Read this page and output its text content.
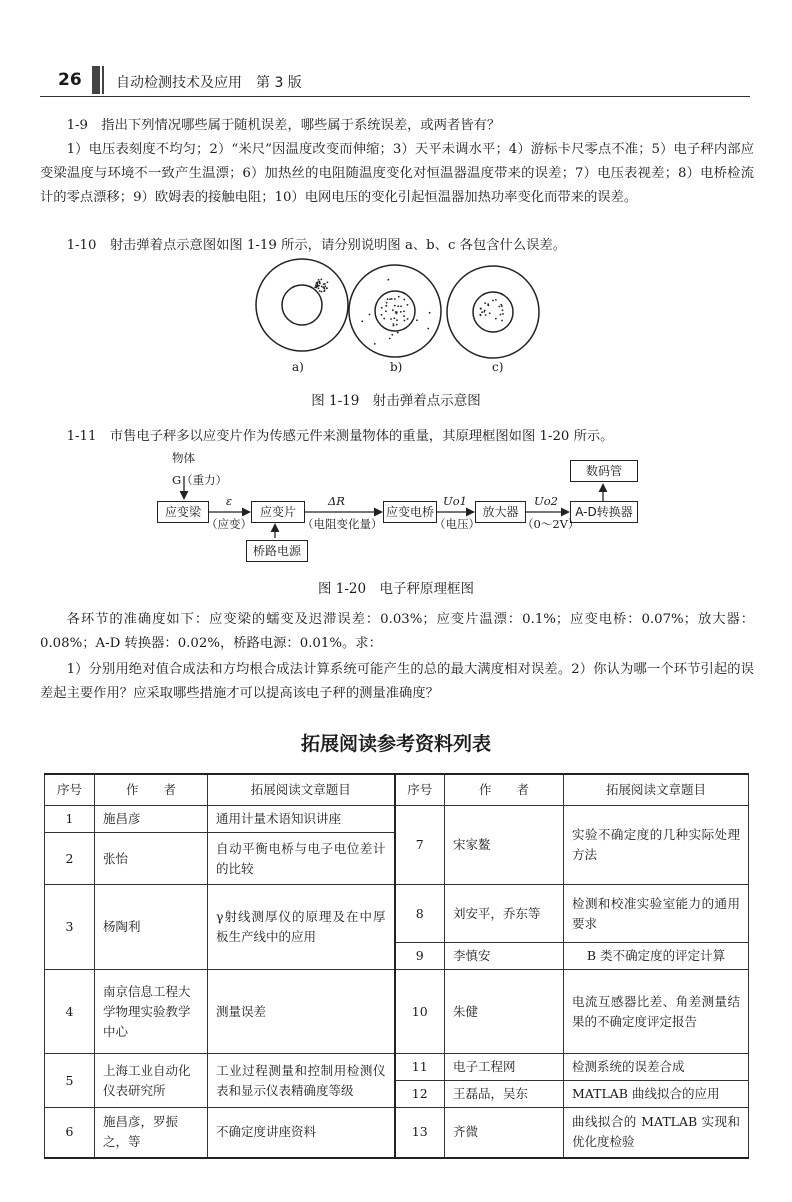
26 自动检测技术及应用　第 3 版
1-9　指出下列情况哪些属于随机误差，哪些属于系统误差，或两者皆有？
1）电压表刻度不均匀；2）“米尺”因温度改变而伸缩；3）天平未调水平；4）游标卡尺零点不准；5）电子秤内部应变梁温度与环境不一致产生温漂；6）加热丝的电阻随温度变化对恒温器温度带来的误差；7）电压表视差；8）电桥检流计的零点漂移；9）欧姆表的接触电阻；10）电网电压的变化引起恒温器加热功率变化而带来的误差。
1-10　射击弹着点示意图如图 1-19 所示，请分别说明图 a、b、c 各包含什么误差。
a)	b)	c)
图 1-19　射击弹着点示意图
1-11　市售电子秤多以应变片作为传感元件来测量物体的重量，其原理框图如图 1-20 所示。
物体
G（重力）
应变梁	应变片	应变电桥	放大器	A-D转换器
数码管
桥路电源
ε
（应变）
ΔR
（电阻变化量）
Uo1
（电压）
Uo2
（0～2V）
图 1-20　电子秤原理框图
各环节的准确度如下：应变梁的蠕变及迟滞误差：0.03%；应变片温漂：0.1%；应变电桥：0.07%；放大器：0.08%；A-D 转换器：0.02%，桥路电源：0.01%。求：
1）分别用绝对值合成法和方均根合成法计算系统可能产生的总的最大满度相对误差。2）你认为哪一个环节引起的误差起主要作用？应采取哪些措施才可以提高该电子秤的测量准确度？
拓展阅读参考资料列表
序号	作　　者	拓展阅读文章题目	序号	作　　者	拓展阅读文章题目
1	施昌彦	通用计量术语知识讲座	7	宋家鳌	实验不确定度的几种实际处理方法
2	张怡	自动平衡电桥与电子电位差计的比较			
3	杨陶利	γ射线测厚仪的原理及在中厚板生产线中的应用	8	刘安平，乔东等	检测和校准实验室能力的通用要求
			9	李慎安	B 类不确定度的评定计算
4	南京信息工程大学物理实验教学中心	测量误差	10	朱健	电流互感器比差、角差测量结果的不确定度评定报告
5	上海工业自动化仪表研究所	工业过程测量和控制用检测仪表和显示仪表精确度等级	11	电子工程网	检测系统的误差合成
			12	王磊品，吴东	MATLAB 曲线拟合的应用
6	施昌彦，罗振之，等	不确定度讲座资料	13	齐微	曲线拟合的 MATLAB 实现和优化度检验
